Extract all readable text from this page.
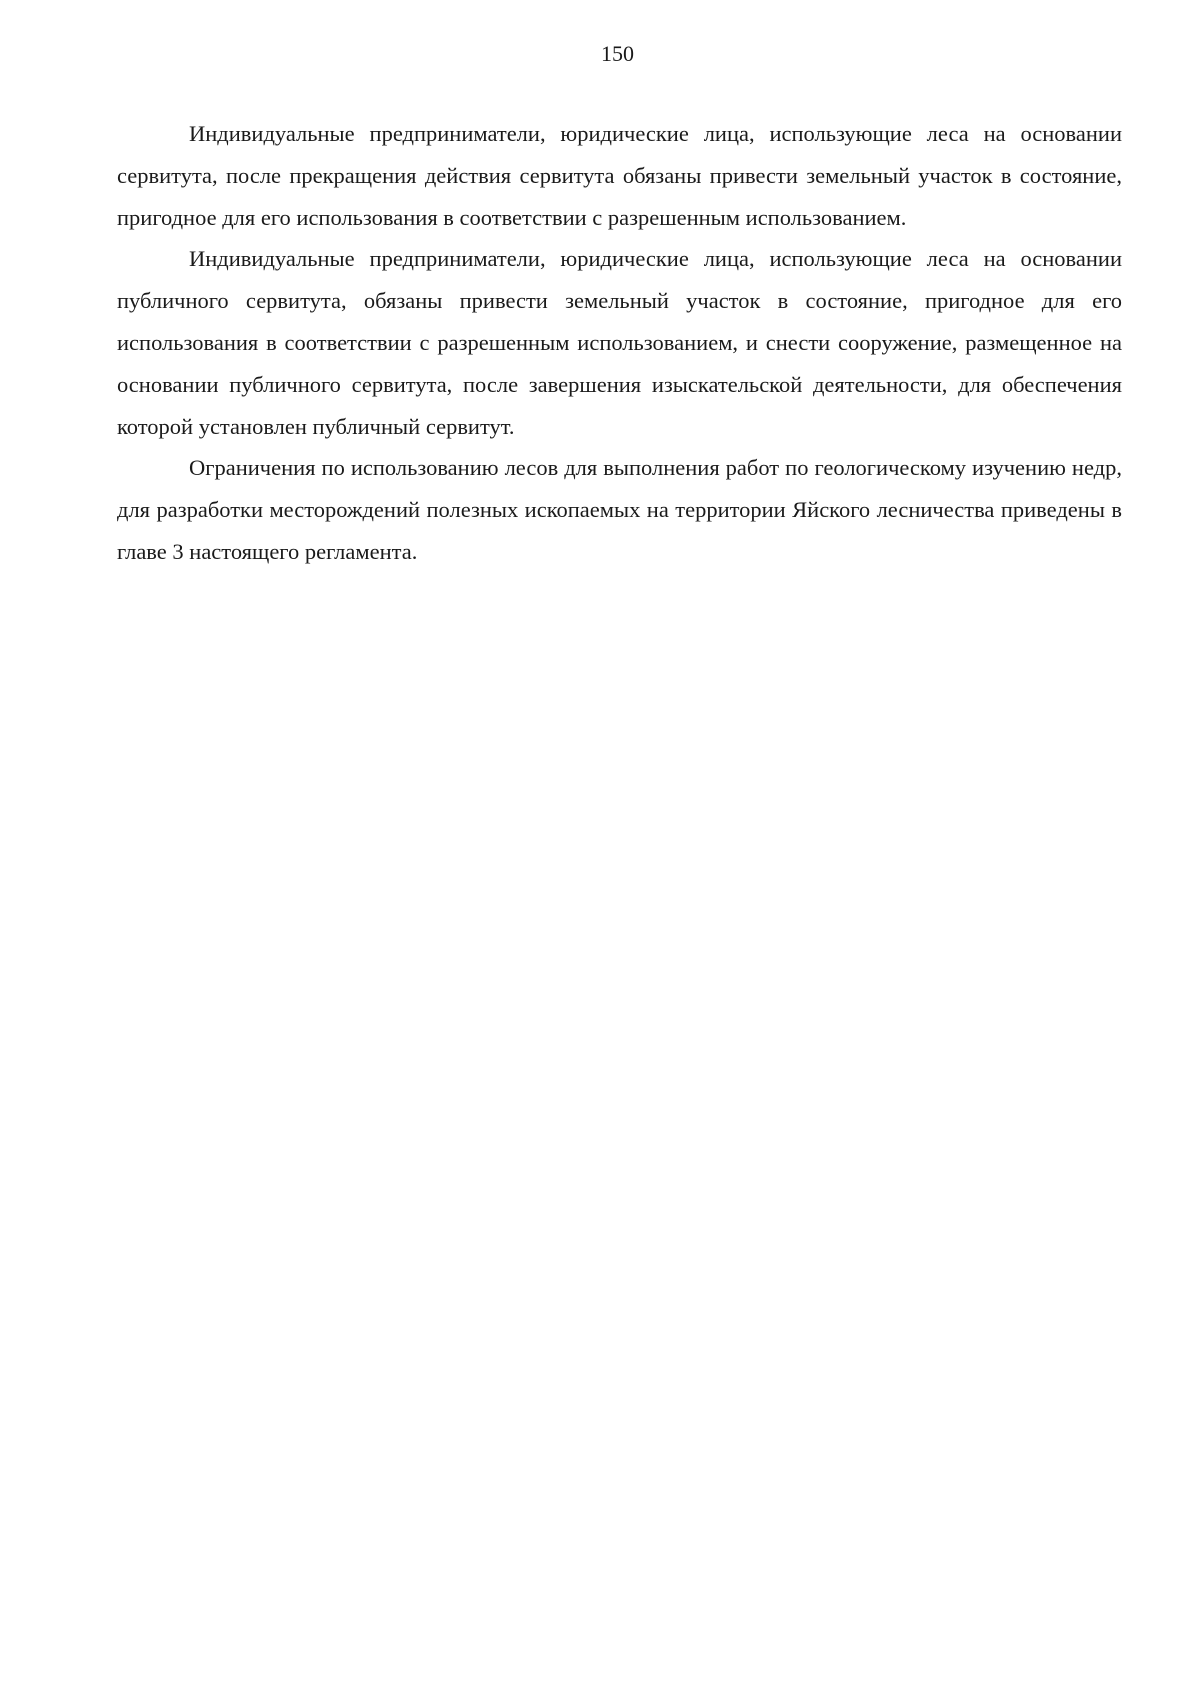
150

Индивидуальные предприниматели, юридические лица, использующие леса на основании сервитута, после прекращения действия сервитута обязаны привести земельный участок в состояние, пригодное для его использования в соответствии с разрешенным использованием.

Индивидуальные предприниматели, юридические лица, использующие леса на основании публичного сервитута, обязаны привести земельный участок в состояние, пригодное для его использования в соответствии с разрешенным использованием, и снести сооружение, размещенное на основании публичного сервитута, после завершения изыскательской деятельности, для обеспечения которой установлен публичный сервитут.

Ограничения по использованию лесов для выполнения работ по геологическому изучению недр, для разработки месторождений полезных ископаемых на территории Яйского лесничества приведены в главе 3 настоящего регламента.
